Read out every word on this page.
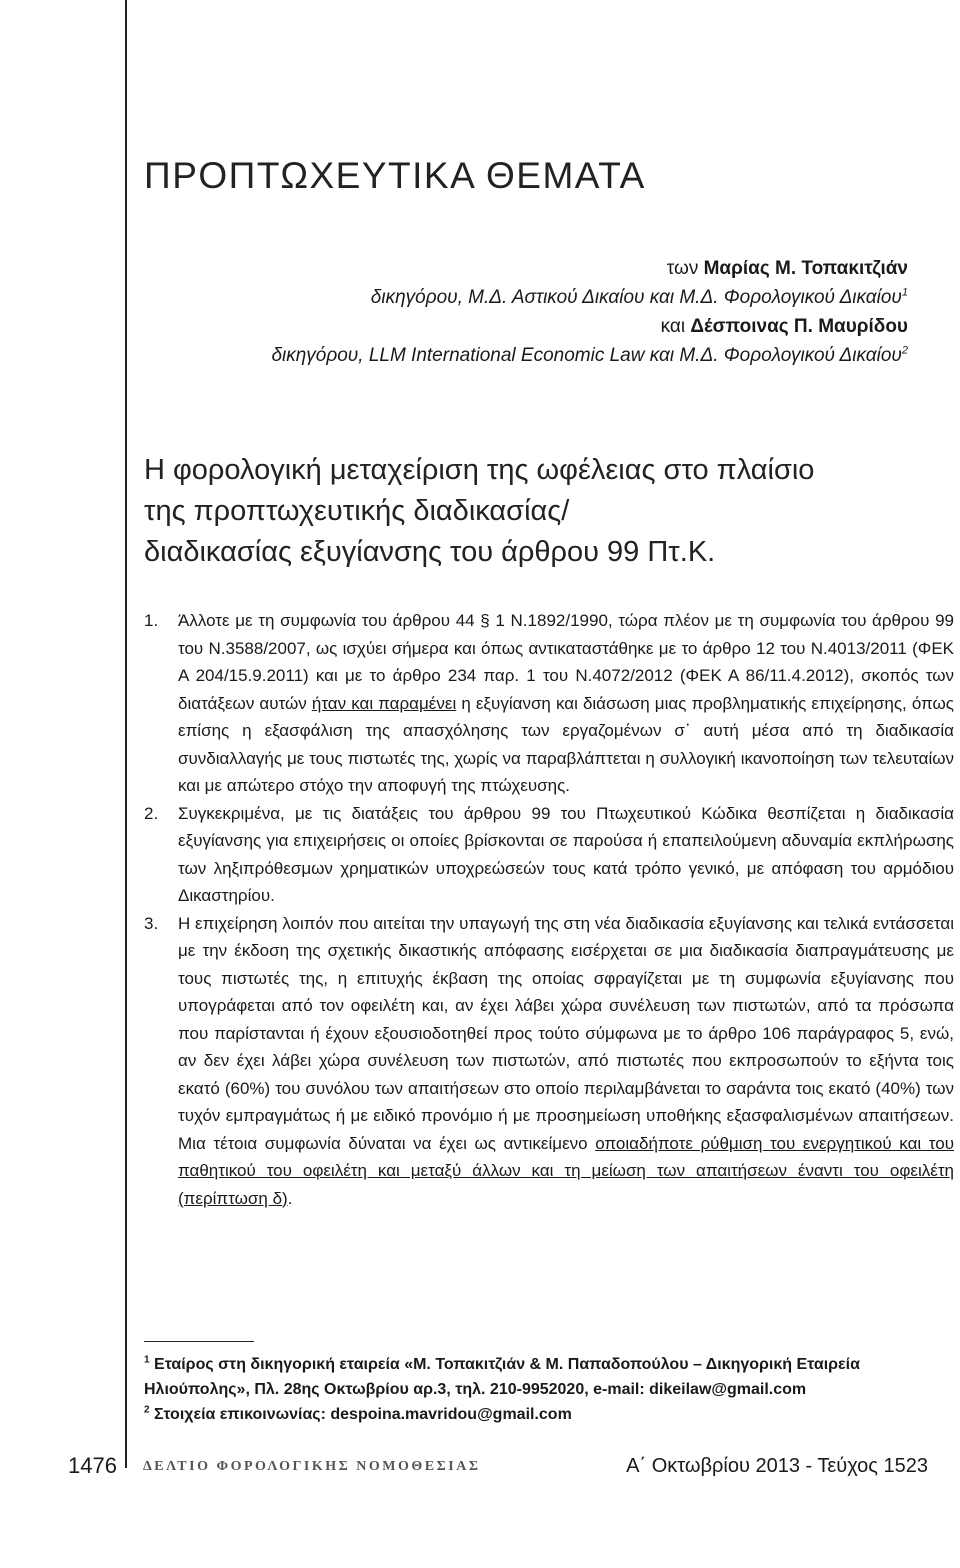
ΠΡΟΠΤΩΧΕΥΤΙΚΑ ΘΕΜΑΤΑ
των Μαρίας Μ. Τοπακιτζιάν
δικηγόρου, Μ.Δ. Αστικού Δικαίου και Μ.Δ. Φορολογικού Δικαίου$^1$
και Δέσποινας Π. Μαυρίδου
δικηγόρου, LLM International Economic Law και Μ.Δ. Φορολογικού Δικαίου$^2$
Η φορολογική μεταχείριση της ωφέλειας στο πλαίσιο
της προπτωχευτικής διαδικασίας/
διαδικασίας εξυγίανσης του άρθρου 99 Πτ.Κ.
1.	Άλλοτε με τη συμφωνία του άρθρου 44 § 1 Ν.1892/1990, τώρα πλέον με τη συμφωνία του άρθρου 99 του Ν.3588/2007, ως ισχύει σήμερα και όπως αντικαταστάθηκε με το άρθρο 12 του Ν.4013/2011 (ΦΕΚ Α 204/15.9.2011) και με το άρθρο 234 παρ. 1 του Ν.4072/2012 (ΦΕΚ Α 86/11.4.2012), σκοπός των διατάξεων αυτών ήταν και παραμένει η εξυγίανση και διάσωση μιας προβληματικής επιχείρησης, όπως επίσης η εξασφάλιση της απασχόλησης των εργαζομένων σ᾽ αυτή μέσα από τη διαδικασία συνδιαλλαγής με τους πιστωτές της, χωρίς να παραβλάπτεται η συλλογική ικανοποίηση των τελευταίων και με απώτερο στόχο την αποφυγή της πτώχευσης.
2.	Συγκεκριμένα, με τις διατάξεις του άρθρου 99 του Πτωχευτικού Κώδικα θεσπίζεται η διαδικασία εξυγίανσης για επιχειρήσεις οι οποίες βρίσκονται σε παρούσα ή επαπειλούμενη αδυναμία εκπλήρωσης των ληξιπρόθεσμων χρηματικών υποχρεώσεών τους κατά τρόπο γενικό, με απόφαση του αρμόδιου Δικαστηρίου.
3.	Η επιχείρηση λοιπόν που αιτείται την υπαγωγή της στη νέα διαδικασία εξυγίανσης και τελικά εντάσσεται με την έκδοση της σχετικής δικαστικής απόφασης εισέρχεται σε μια διαδικασία διαπραγμάτευσης με τους πιστωτές της, η επιτυχής έκβαση της οποίας σφραγίζεται με τη συμφωνία εξυγίανσης που υπογράφεται από τον οφειλέτη και, αν έχει λάβει χώρα συνέλευση των πιστωτών, από τα πρόσωπα που παρίστανται ή έχουν εξουσιοδοτηθεί προς τούτο σύμφωνα με το άρθρο 106 παράγραφος 5, ενώ, αν δεν έχει λάβει χώρα συνέλευση των πιστωτών, από πιστωτές που εκπροσωπούν το εξήντα τοις εκατό (60%) του συνόλου των απαιτήσεων στο οποίο περιλαμβάνεται το σαράντα τοις εκατό (40%) των τυχόν εμπραγμάτως ή με ειδικό προνόμιο ή με προσημείωση υποθήκης εξασφαλισμένων απαιτήσεων. Μια τέτοια συμφωνία δύναται να έχει ως αντικείμενο οποιαδήποτε ρύθμιση του ενεργητικού και του παθητικού του οφειλέτη και μεταξύ άλλων και τη μείωση των απαιτήσεων έναντι του οφειλέτη (περίπτωση δ).
$^1$ Εταίρος στη δικηγορική εταιρεία «Μ. Τοπακιτζιάν & Μ. Παπαδοπούλου – Δικηγορική Εταιρεία Ηλιούπολης», Πλ. 28ης Οκτωβρίου αρ.3, τηλ. 210-9952020, e-mail: dikeilaw@gmail.com
$^2$ Στοιχεία επικοινωνίας: despoina.mavridou@gmail.com
1476 ΔΕΛΤΙΟ ΦΟΡΟΛΟΓΙΚΗΣ ΝΟΜΟΘΕΣΙΑΣ	Α΄ Οκτωβρίου 2013 - Τεύχος 1523
